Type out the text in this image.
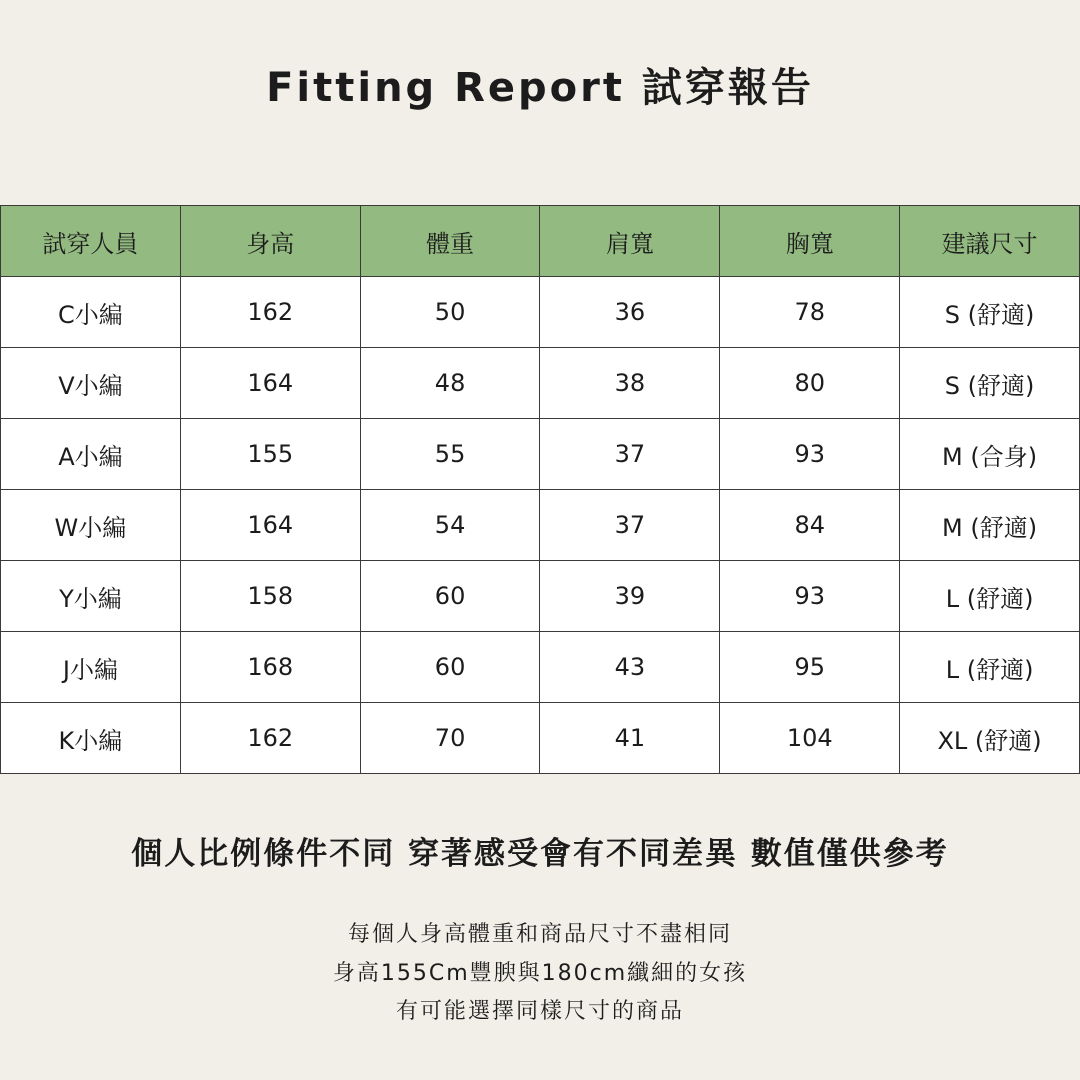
Fitting Report 試穿報告
試穿人員	身高	體重	肩寬	胸寬	建議尺寸
C小編	162	50	36	78	S (舒適)
V小編	164	48	38	80	S (舒適)
A小編	155	55	37	93	M (合身)
W小編	164	54	37	84	M (舒適)
Y小編	158	60	39	93	L (舒適)
J小編	168	60	43	95	L (舒適)
K小編	162	70	41	104	XL (舒適)
個人比例條件不同 穿著感受會有不同差異 數值僅供參考
每個人身高體重和商品尺寸不盡相同
身高155Cm豐腴與180cm纖細的女孩
有可能選擇同樣尺寸的商品
